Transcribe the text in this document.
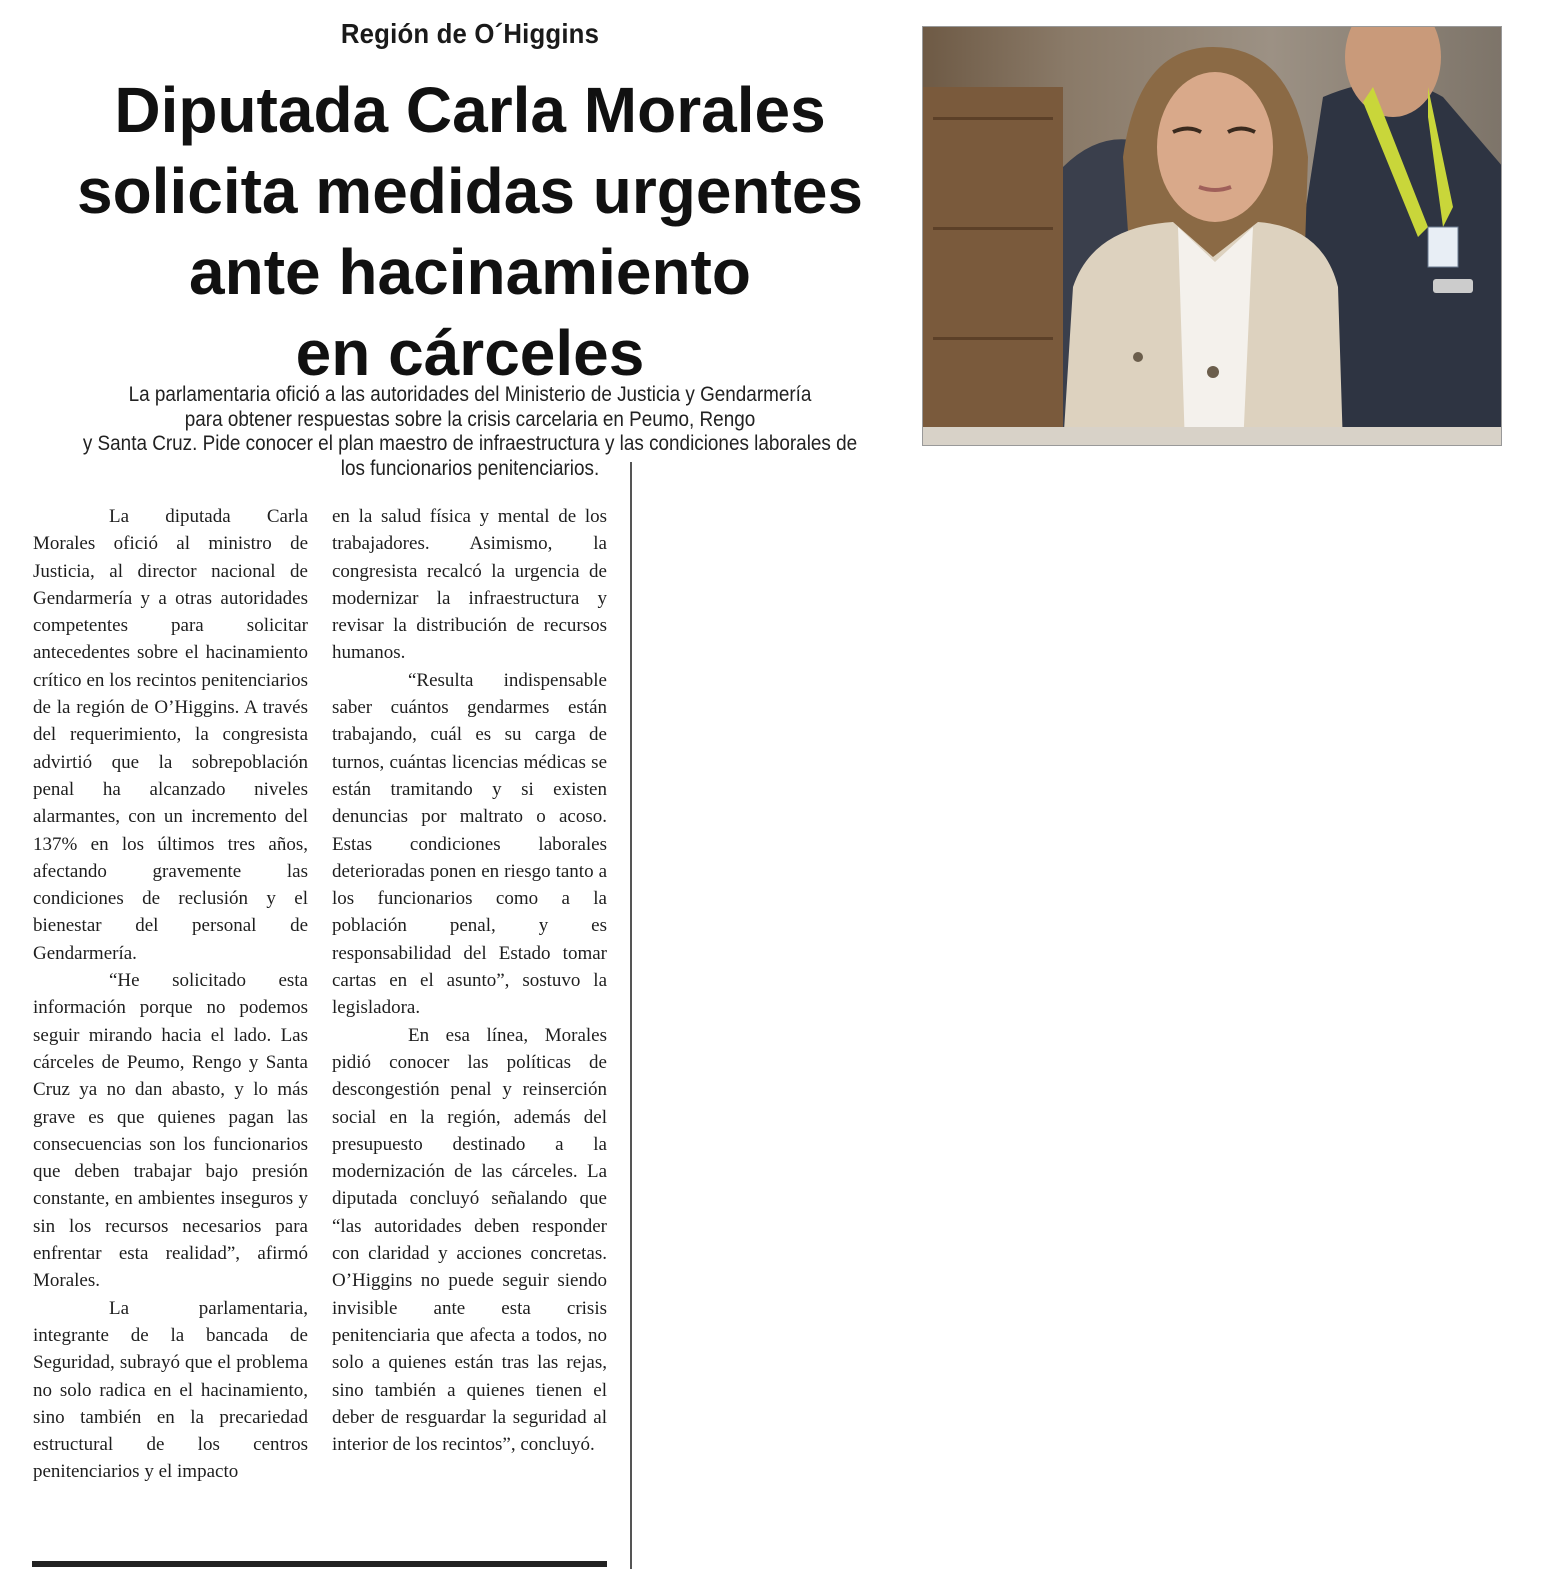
Región de O´Higgins
Diputada Carla Morales
solicita medidas urgentes
ante hacinamiento
en cárceles
La parlamentaria ofició a las autoridades del Ministerio de Justicia y Gendarmería
para obtener respuestas sobre la crisis carcelaria en Peumo, Rengo
y Santa Cruz. Pide conocer el plan maestro de infraestructura y las condiciones laborales de
los funcionarios penitenciarios.

La diputada Carla Morales ofició al ministro de Justicia, al director nacional de Gendarmería y a otras autoridades competentes para solicitar antecedentes sobre el hacinamiento crítico en los recintos penitenciarios de la región de O’Higgins. A través del requerimiento, la congresista advirtió que la sobrepoblación penal ha alcanzado niveles alarmantes, con un incremento del 137% en los últimos tres años, afectando gravemente las condiciones de reclusión y el bienestar del personal de Gendarmería.

“He solicitado esta información porque no podemos seguir mirando hacia el lado. Las cárceles de Peumo, Rengo y Santa Cruz ya no dan abasto, y lo más grave es que quienes pagan las consecuencias son los funcionarios que deben trabajar bajo presión constante, en ambientes inseguros y sin los recursos necesarios para enfrentar esta realidad”, afirmó Morales.

La parlamentaria, integrante de la bancada de Seguridad, subrayó que el problema no solo radica en el hacinamiento, sino también en la precariedad estructural de los centros penitenciarios y el impacto

en la salud física y mental de los trabajadores. Asimismo, la congresista recalcó la urgencia de modernizar la infraestructura y revisar la distribución de recursos humanos.

“Resulta indispensable saber cuántos gendarmes están trabajando, cuál es su carga de turnos, cuántas licencias médicas se están tramitando y si existen denuncias por maltrato o acoso. Estas condiciones laborales deterioradas ponen en riesgo tanto a los funcionarios como a la población penal, y es responsabilidad del Estado tomar cartas en el asunto”, sostuvo la legisladora.

En esa línea, Morales pidió conocer las políticas de descongestión penal y reinserción social en la región, además del presupuesto destinado a la modernización de las cárceles. La diputada concluyó señalando que “las autoridades deben responder con claridad y acciones concretas. O’Higgins no puede seguir siendo invisible ante esta crisis penitenciaria que afecta a todos, no solo a quienes están tras las rejas, sino también a quienes tienen el deber de resguardar la seguridad al interior de los recintos”, concluyó.
